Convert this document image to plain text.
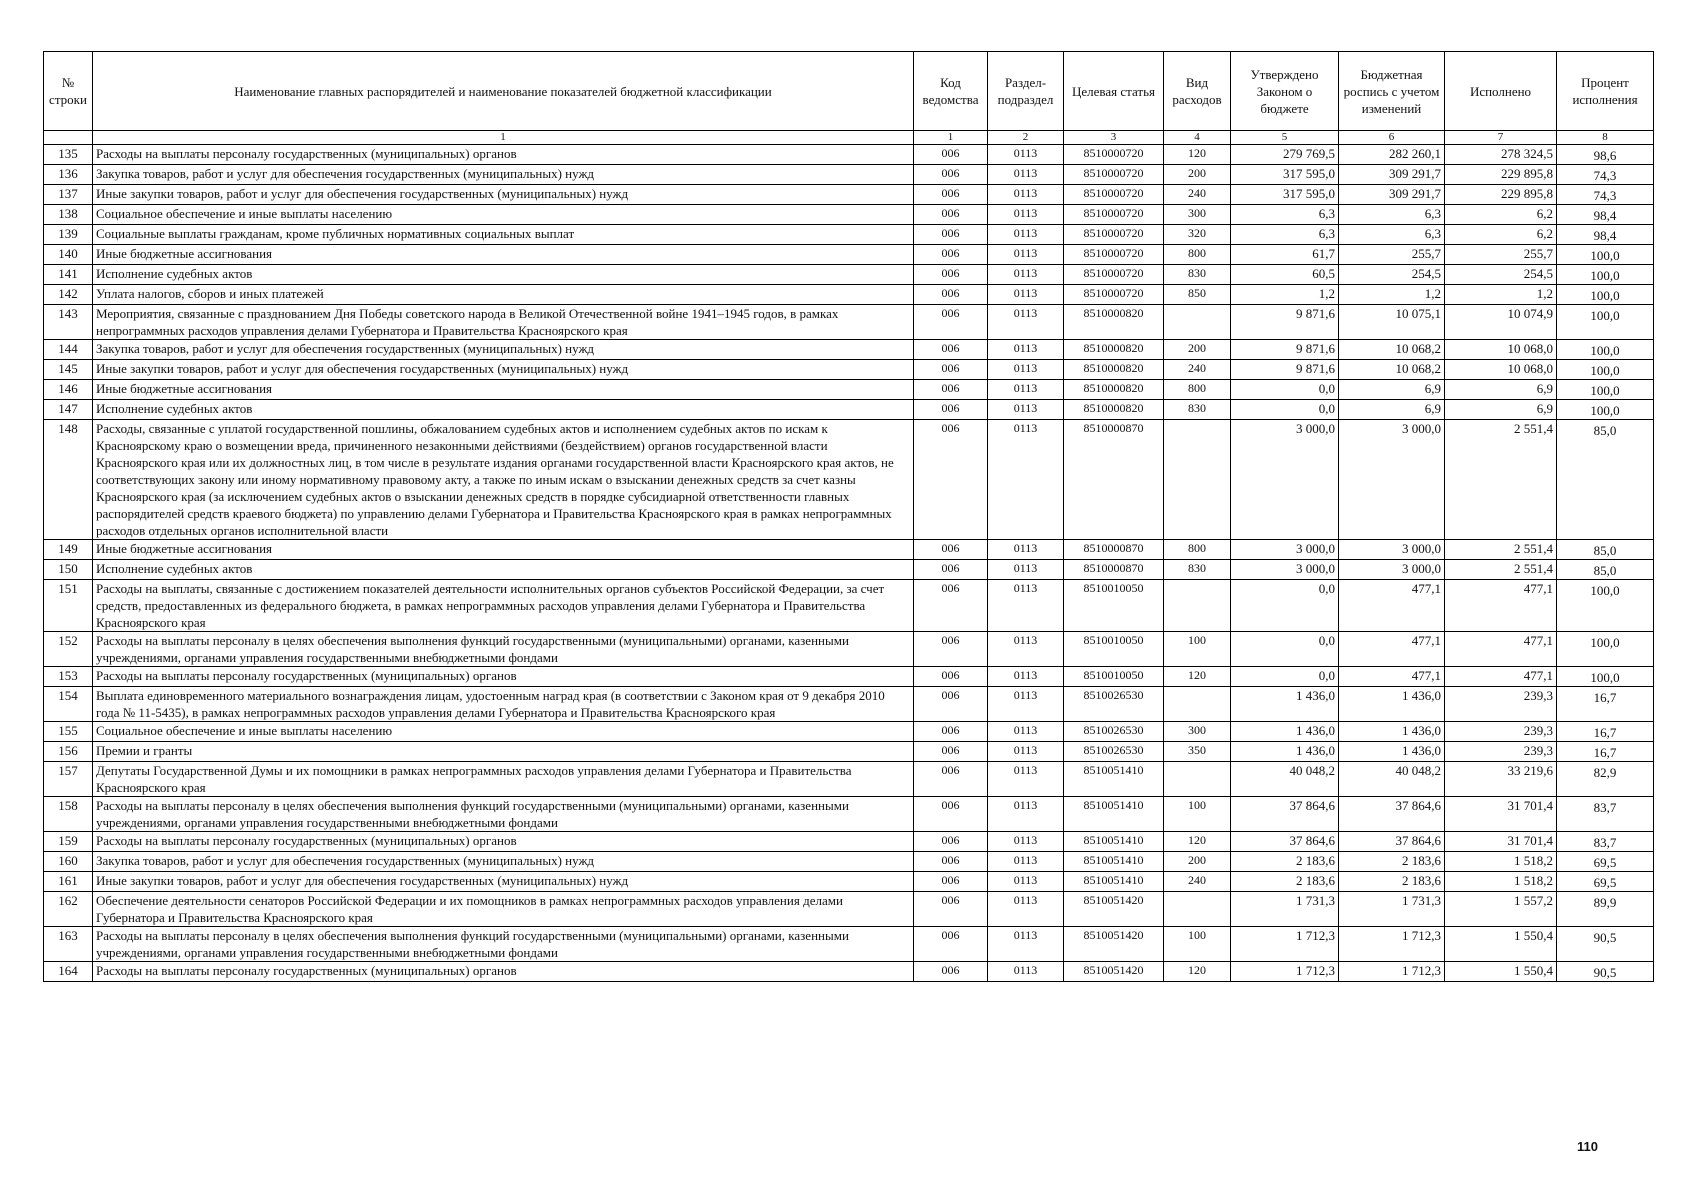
№ строки	Наименование главных распорядителей и наименование показателей бюджетной классификации	Код ведомства	Раздел-подраздел	Целевая статья	Вид расходов	Утверждено Законом о бюджете	Бюджетная роспись с учетом изменений	Исполнено	Процент исполнения
	1	1	2	3	4	5	6	7	8
135	Расходы на выплаты персоналу государственных (муниципальных) органов	006	0113	8510000720	120	279 769,5	282 260,1	278 324,5	98,6
136	Закупка товаров, работ и услуг для обеспечения государственных (муниципальных) нужд	006	0113	8510000720	200	317 595,0	309 291,7	229 895,8	74,3
137	Иные закупки товаров, работ и услуг для обеспечения государственных (муниципальных) нужд	006	0113	8510000720	240	317 595,0	309 291,7	229 895,8	74,3
138	Социальное обеспечение и иные выплаты населению	006	0113	8510000720	300	6,3	6,3	6,2	98,4
139	Социальные выплаты гражданам, кроме публичных нормативных социальных выплат	006	0113	8510000720	320	6,3	6,3	6,2	98,4
140	Иные бюджетные ассигнования	006	0113	8510000720	800	61,7	255,7	255,7	100,0
141	Исполнение судебных актов	006	0113	8510000720	830	60,5	254,5	254,5	100,0
142	Уплата налогов, сборов и иных платежей	006	0113	8510000720	850	1,2	1,2	1,2	100,0
143	Мероприятия, связанные с празднованием Дня Победы советского народа в Великой Отечественной войне 1941–1945 годов, в рамках непрограммных расходов управления делами Губернатора и Правительства Красноярского края	006	0113	8510000820		9 871,6	10 075,1	10 074,9	100,0
144	Закупка товаров, работ и услуг для обеспечения государственных (муниципальных) нужд	006	0113	8510000820	200	9 871,6	10 068,2	10 068,0	100,0
145	Иные закупки товаров, работ и услуг для обеспечения государственных (муниципальных) нужд	006	0113	8510000820	240	9 871,6	10 068,2	10 068,0	100,0
146	Иные бюджетные ассигнования	006	0113	8510000820	800	0,0	6,9	6,9	100,0
147	Исполнение судебных актов	006	0113	8510000820	830	0,0	6,9	6,9	100,0
148	Расходы, связанные с уплатой государственной пошлины, обжалованием судебных актов и исполнением судебных актов по искам к Красноярскому краю о возмещении вреда, причиненного незаконными действиями (бездействием) органов государственной власти Красноярского края или их должностных лиц, в том числе в результате издания органами государственной власти Красноярского края актов, не соответствующих закону или иному нормативному правовому акту, а также по иным искам о взыскании денежных средств за счет казны Красноярского края (за исключением судебных актов о взыскании денежных средств в порядке субсидиарной ответственности главных распорядителей средств краевого бюджета) по управлению делами Губернатора и Правительства Красноярского края в рамках непрограммных расходов отдельных органов исполнительной власти	006	0113	8510000870		3 000,0	3 000,0	2 551,4	85,0
149	Иные бюджетные ассигнования	006	0113	8510000870	800	3 000,0	3 000,0	2 551,4	85,0
150	Исполнение судебных актов	006	0113	8510000870	830	3 000,0	3 000,0	2 551,4	85,0
151	Расходы на выплаты, связанные с достижением показателей деятельности исполнительных органов субъектов Российской Федерации, за счет средств, предоставленных из федерального бюджета, в рамках непрограммных расходов управления делами Губернатора и Правительства Красноярского края	006	0113	8510010050		0,0	477,1	477,1	100,0
152	Расходы на выплаты персоналу в целях обеспечения выполнения функций государственными (муниципальными) органами, казенными учреждениями, органами управления государственными внебюджетными фондами	006	0113	8510010050	100	0,0	477,1	477,1	100,0
153	Расходы на выплаты персоналу государственных (муниципальных) органов	006	0113	8510010050	120	0,0	477,1	477,1	100,0
154	Выплата единовременного материального вознаграждения лицам, удостоенным наград края (в соответствии с Законом края от 9 декабря 2010 года № 11-5435), в рамках непрограммных расходов управления делами Губернатора и Правительства Красноярского края	006	0113	8510026530		1 436,0	1 436,0	239,3	16,7
155	Социальное обеспечение и иные выплаты населению	006	0113	8510026530	300	1 436,0	1 436,0	239,3	16,7
156	Премии и гранты	006	0113	8510026530	350	1 436,0	1 436,0	239,3	16,7
157	Депутаты Государственной Думы и их помощники в рамках непрограммных расходов управления делами Губернатора и Правительства Красноярского края	006	0113	8510051410		40 048,2	40 048,2	33 219,6	82,9
158	Расходы на выплаты персоналу в целях обеспечения выполнения функций государственными (муниципальными) органами, казенными учреждениями, органами управления государственными внебюджетными фондами	006	0113	8510051410	100	37 864,6	37 864,6	31 701,4	83,7
159	Расходы на выплаты персоналу государственных (муниципальных) органов	006	0113	8510051410	120	37 864,6	37 864,6	31 701,4	83,7
160	Закупка товаров, работ и услуг для обеспечения государственных (муниципальных) нужд	006	0113	8510051410	200	2 183,6	2 183,6	1 518,2	69,5
161	Иные закупки товаров, работ и услуг для обеспечения государственных (муниципальных) нужд	006	0113	8510051410	240	2 183,6	2 183,6	1 518,2	69,5
162	Обеспечение деятельности сенаторов Российской Федерации и их помощников в рамках непрограммных расходов управления делами Губернатора и Правительства Красноярского края	006	0113	8510051420		1 731,3	1 731,3	1 557,2	89,9
163	Расходы на выплаты персоналу в целях обеспечения выполнения функций государственными (муниципальными) органами, казенными учреждениями, органами управления государственными внебюджетными фондами	006	0113	8510051420	100	1 712,3	1 712,3	1 550,4	90,5
164	Расходы на выплаты персоналу государственных (муниципальных) органов	006	0113	8510051420	120	1 712,3	1 712,3	1 550,4	90,5
110
